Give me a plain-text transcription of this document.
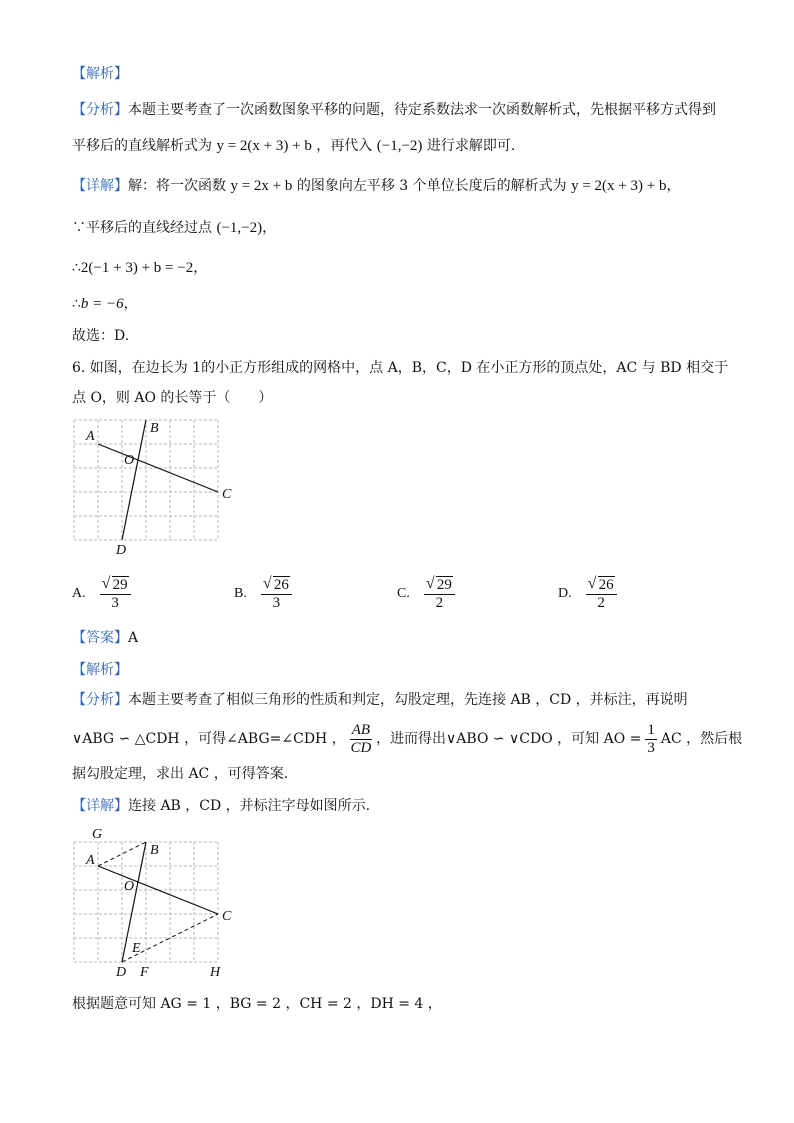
【解析】
【分析】本题主要考查了一次函数图象平移的问题，待定系数法求一次函数解析式，先根据平移方式得到
平移后的直线解析式为 y = 2(x + 3) + b ，再代入 (−1,−2) 进行求解即可.
【详解】解：将一次函数 y = 2x + b 的图象向左平移 3 个单位长度后的解析式为 y = 2(x + 3) + b，
∵平移后的直线经过点 (−1,−2)，
∴2(−1 + 3) + b = −2，
∴b = −6，
故选：D.
6. 如图，在边长为 1的小正方形组成的网格中，点 A，B，C，D 在小正方形的顶点处，AC 与 BD 相交于
点 O，则 AO 的长等于（　　）
A
B
O
C
D
A. $\frac{√ 29}{3}$	B. $\frac{√ 26}{3}$	C. $\frac{√ 29}{2}$	D. $\frac{√ 26}{2}$
【答案】A
【解析】
【分析】本题主要考查了相似三角形的性质和判定，勾股定理，先连接 AB ，CD ，并标注，再说明
∨ABG ∽ △CDH ，可得∠ABG=∠CDH ， $\frac{AB}{CD}$ ，进而得出∨ABO ∽ ∨CDO ，可知 AO = $\frac{1}{3}$ AC ，然后根
据勾股定理，求出 AC ，可得答案.
【详解】连接 AB ，CD ，并标注字母如图所示.
G
A
B
O
C
E
D F	H
根据题意可知 AG = 1 ，BG = 2 ，CH = 2 ，DH = 4 ，
